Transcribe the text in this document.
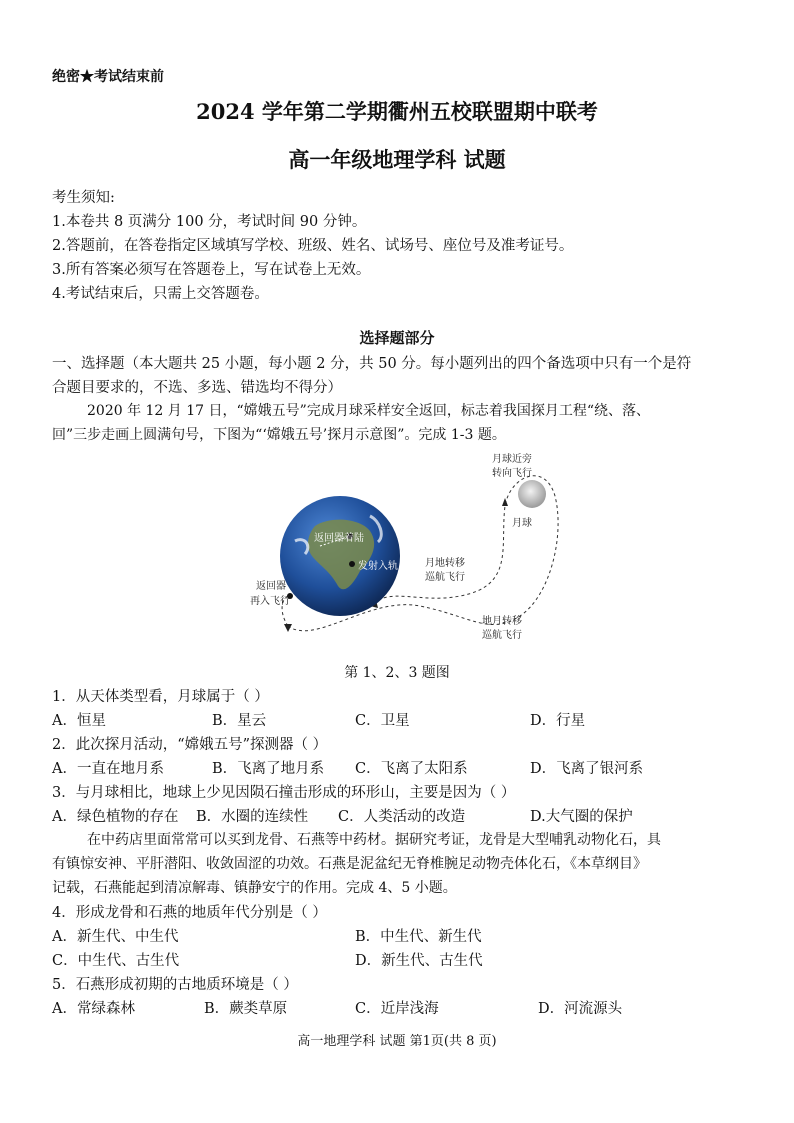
绝密★考试结束前
2024 学年第二学期衢州五校联盟期中联考
高一年级地理学科 试题
考生须知:
1.本卷共 8 页满分 100 分，考试时间 90 分钟。
2.答题前，在答卷指定区域填写学校、班级、姓名、试场号、座位号及准考证号。
3.所有答案必须写在答题卷上，写在试卷上无效。
4.考试结束后，只需上交答题卷。
选择题部分
一、选择题（本大题共 25 小题，每小题 2 分，共 50 分。每小题列出的四个备选项中只有一个是符
合题目要求的，不选、多选、错选均不得分）
2020 年 12 月 17 日，“嫦娥五号”完成月球采样安全返回，标志着我国探月工程“绕、落、
回”三步走画上圆满句号，下图为“‘嫦娥五号’探月示意图”。完成 1-3 题。
月球近旁
转向飞行
月球
返回器着陆
发射入轨	月地转移
巡航飞行
返回器
再入飞行
地月转移
巡航飞行
第 1、2、3 题图
1．从天体类型看，月球属于（ ）
A．恒星	B．星云	C．卫星	D．行星
2．此次探月活动，“嫦娥五号”探测器（ ）
A．一直在地月系	B．飞离了地月系 C．飞离了太阳系	D．飞离了银河系
3．与月球相比，地球上少见因陨石撞击形成的环形山，主要是因为（ ）
A．绿色植物的存在 B．水圈的连续性 C．人类活动的改造	D.大气圈的保护
在中药店里面常常可以买到龙骨、石燕等中药材。据研究考证，龙骨是大型哺乳动物化石，具
有镇惊安神、平肝潜阳、收敛固涩的功效。石燕是泥盆纪无脊椎腕足动物壳体化石，《本草纲目》
记载，石燕能起到清凉解毒、镇静安宁的作用。完成 4、5 小题。
4．形成龙骨和石燕的地质年代分别是（ ）
A．新生代、中生代	B．中生代、新生代
C．中生代、古生代	D．新生代、古生代
5．石燕形成初期的古地质环境是（ ）
A．常绿森林	B．蕨类草原	C．近岸浅海	D．河流源头
高一地理学科 试题 第1页(共 8 页)
